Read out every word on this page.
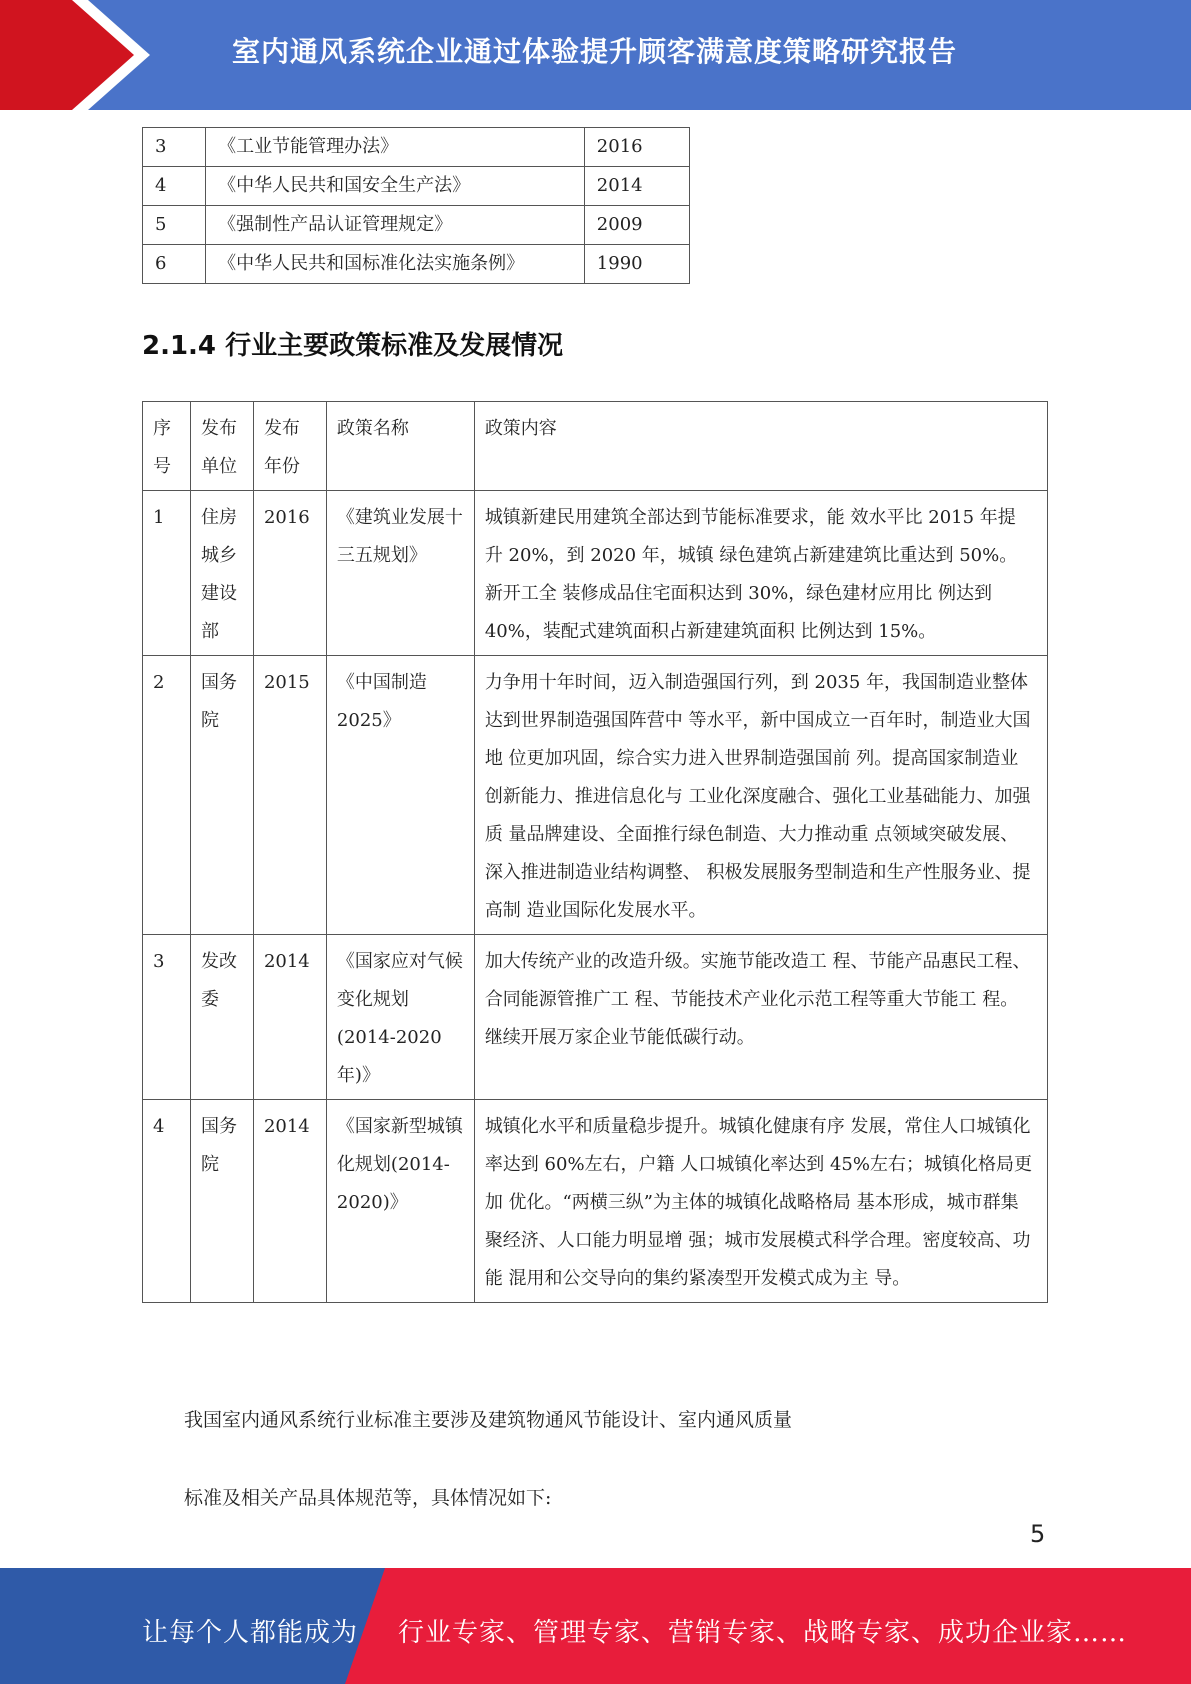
室内通风系统企业通过体验提升顾客满意度策略研究报告
3	《工业节能管理办法》	2016
4	《中华人民共和国安全生产法》	2014
5	《强制性产品认证管理规定》	2009
6	《中华人民共和国标准化法实施条例》	1990
2.1.4 行业主要政策标准及发展情况
序号	发布单位	发布年份	政策名称	政策内容
1	住房城乡建设部	2016	《建筑业发展十三五规划》	城镇新建民用建筑全部达到节能标准要求，能 效水平比 2015 年提升 20%，到 2020 年，城镇 绿色建筑占新建建筑比重达到 50%。新开工全 装修成品住宅面积达到 30%，绿色建材应用比 例达到 40%，装配式建筑面积占新建建筑面积 比例达到 15%。
2	国务院	2015	《中国制造2025》	力争用十年时间，迈入制造强国行列，到 2035 年，我国制造业整体达到世界制造强国阵营中 等水平，新中国成立一百年时，制造业大国地 位更加巩固，综合实力进入世界制造强国前 列。提高国家制造业创新能力、推进信息化与 工业化深度融合、强化工业基础能力、加强质 量品牌建设、全面推行绿色制造、大力推动重 点领域突破发展、深入推进制造业结构调整、 积极发展服务型制造和生产性服务业、提高制 造业国际化发展水平。
3	发改委	2014	《国家应对气候变化规划(2014-2020年)》	加大传统产业的改造升级。实施节能改造工 程、节能产品惠民工程、合同能源管推广工 程、节能技术产业化示范工程等重大节能工 程。继续开展万家企业节能低碳行动。
4	国务院	2014	《国家新型城镇化规划(2014-2020)》	城镇化水平和质量稳步提升。城镇化健康有序 发展，常住人口城镇化率达到 60%左右，户籍 人口城镇化率达到 45%左右；城镇化格局更加 优化。“两横三纵”为主体的城镇化战略格局 基本形成，城市群集聚经济、人口能力明显增 强；城市发展模式科学合理。密度较高、功能 混用和公交导向的集约紧凑型开发模式成为主 导。
我国室内通风系统行业标准主要涉及建筑物通风节能设计、室内通风质量
标准及相关产品具体规范等，具体情况如下:
5
让每个人都能成为 行业专家、管理专家、营销专家、战略专家、成功企业家……
